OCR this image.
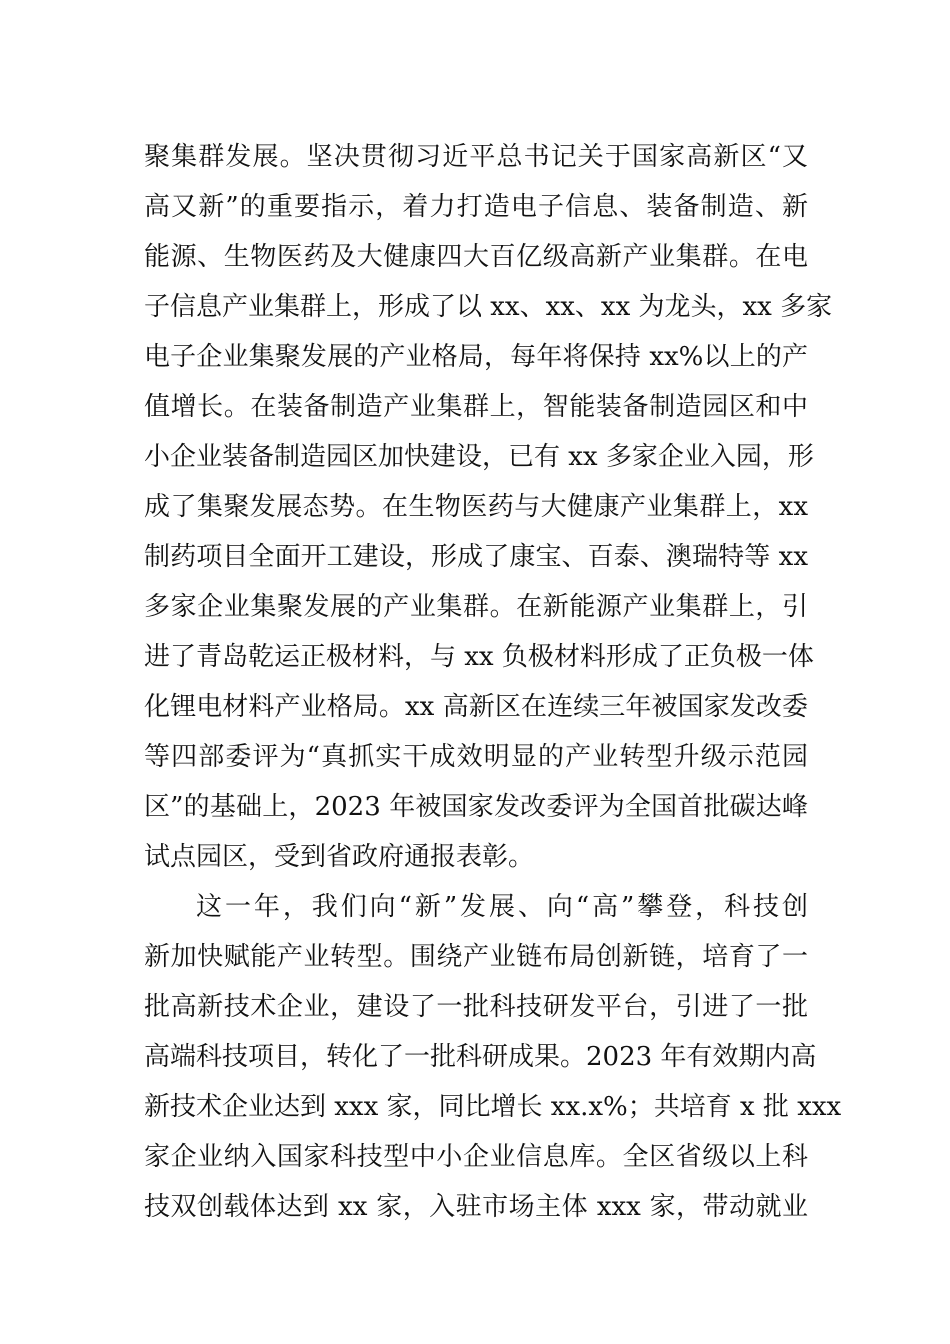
聚集群发展。坚决贯彻习近平总书记关于国家高新区“又
高又新”的重要指示，着力打造电子信息、装备制造、新
能源、生物医药及大健康四大百亿级高新产业集群。在电
子信息产业集群上，形成了以 xx、xx、xx 为龙头，xx 多家
电子企业集聚发展的产业格局，每年将保持 xx%以上的产
值增长。在装备制造产业集群上，智能装备制造园区和中
小企业装备制造园区加快建设，已有 xx 多家企业入园，形
成了集聚发展态势。在生物医药与大健康产业集群上，xx
制药项目全面开工建设，形成了康宝、百泰、澳瑞特等 xx
多家企业集聚发展的产业集群。在新能源产业集群上，引
进了青岛乾运正极材料，与 xx 负极材料形成了正负极一体
化锂电材料产业格局。xx 高新区在连续三年被国家发改委
等四部委评为“真抓实干成效明显的产业转型升级示范园
区”的基础上，2023 年被国家发改委评为全国首批碳达峰
试点园区，受到省政府通报表彰。
这一年，我们向“新”发展、向“高”攀登，科技创
新加快赋能产业转型。围绕产业链布局创新链，培育了一
批高新技术企业，建设了一批科技研发平台，引进了一批
高端科技项目，转化了一批科研成果。2023 年有效期内高
新技术企业达到 xxx 家，同比增长 xx.x%；共培育 x 批 xxx
家企业纳入国家科技型中小企业信息库。全区省级以上科
技双创载体达到 xx 家，入驻市场主体 xxx 家，带动就业
